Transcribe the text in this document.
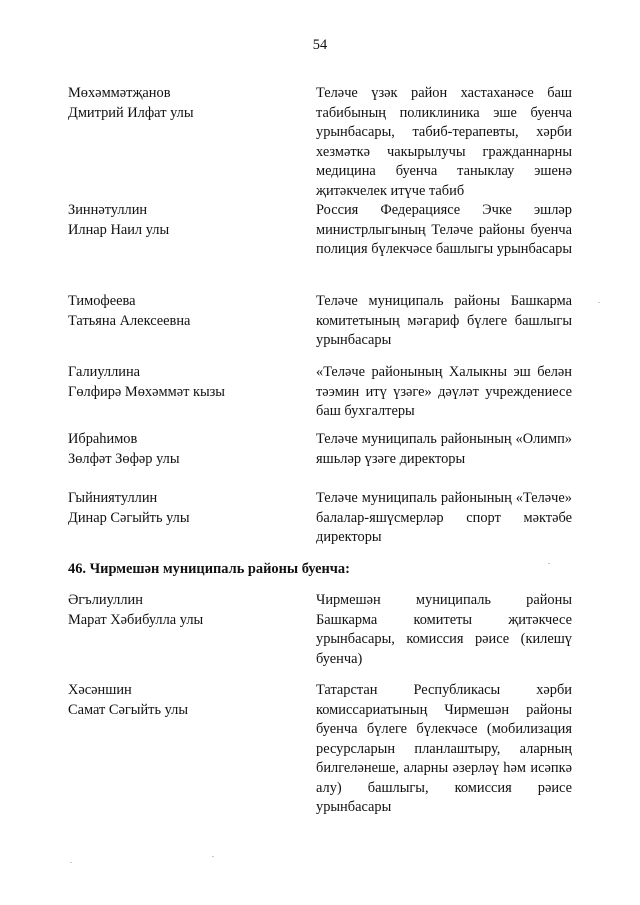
54
Мөхәммәтҗанов
Дмитрий Илфат улы
Теләче үзәк район хастаханәсе баш табибының поликлиника эше буенча урынбасары, табиб-терапевты, хәрби хезмәткә чакырылучы гражданнарны медицина буенча таныклау эшенә җитәкчелек итүче табиб
Зиннәтуллин
Илнар Наил улы
Россия Федерациясе Эчке эшләр министрлыгының Теләче районы буенча полиция бүлекчәсе башлыгы урынбасары
Тимофеева
Татьяна Алексеевна
Теләче муниципаль районы Башкарма комитетының мәгариф бүлеге башлыгы урынбасары
Галиуллина
Гөлфирә Мөхәммәт кызы
«Теләче районының Халыкны эш белән тәэмин итү үзәге» дәүләт учреждениесе баш бухгалтеры
Ибраһимов
Зөлфәт Зөфәр улы
Теләче муниципаль районының «Олимп» яшьләр үзәге директоры
Гыйниятуллин
Динар Сәгыйть улы
Теләче муниципаль районының «Теләче» балалар-яшүсмерләр спорт мәктәбе директоры
46. Чирмешән муниципаль районы буенча:
Әгълиуллин
Марат Хәбибулла улы
Чирмешән муниципаль районы Башкарма комитеты җитәкчесе урынбасары, комиссия рәисе (килешү буенча)
Хәсәншин
Самат Сәгыйть улы
Татарстан Республикасы хәрби комиссариатының Чирмешән районы буенча бүлеге бүлекчәсе (мобилизация ресурсларын планлаштыру, аларның билгеләнеше, аларны әзерләү һәм исәпкә алу) башлыгы, комиссия рәисе урынбасары
